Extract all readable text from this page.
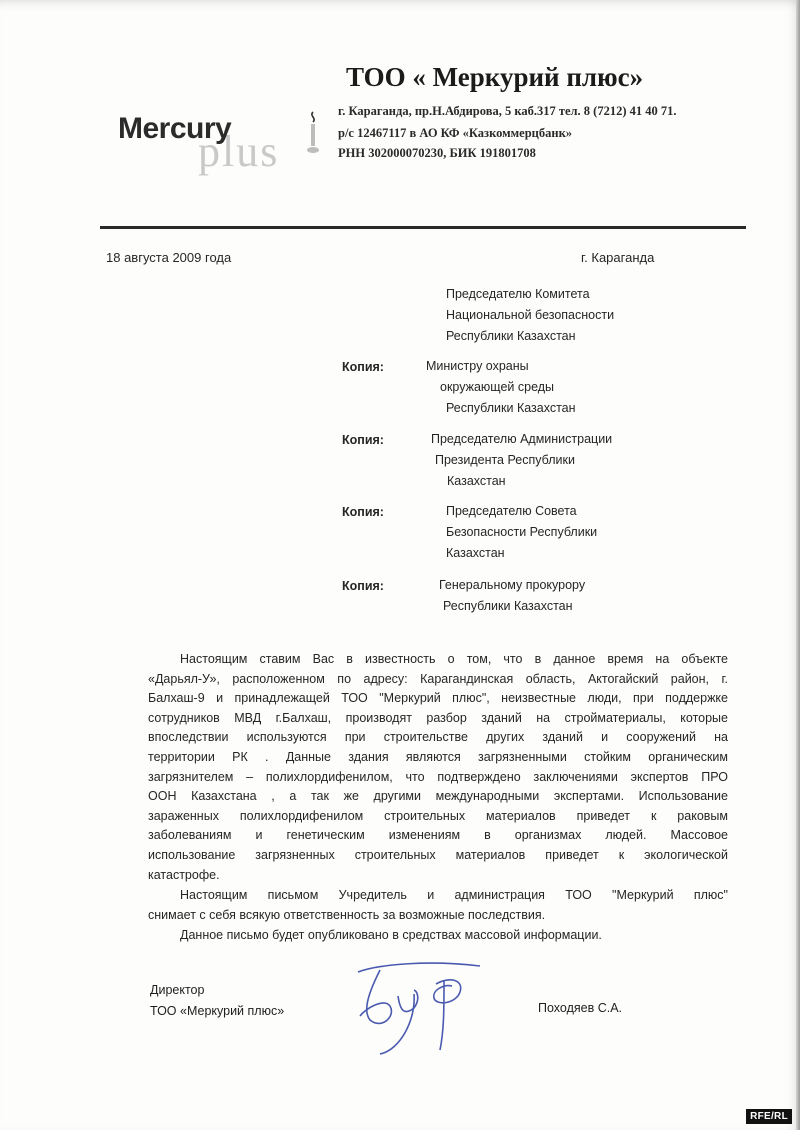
plus
Mercury
ТОО « Меркурий плюс»
г. Караганда, пр.Н.Абдирова, 5 каб.317 тел. 8 (7212) 41 40 71.
р/с 12467117 в АО КФ «Казкоммерцбанк»
РНН 302000070230, БИК 191801708
18 августа 2009 года	г. Караганда
Председателю Комитета
Национальной безопасности
Республики Казахстан
Копия:	Министру охраны
окружающей среды
Республики Казахстан
Копия:	Председателю Администрации
Президента Республики
Казахстан
Копия:	Председателю Совета
Безопасности Республики
Казахстан
Копия:	Генеральному прокурору
Республики Казахстан
Настоящим ставим Вас в известность о том, что в данное время на объекте
«Дарьял-У», расположенном по адресу: Карагандинская область, Актогайский район, г.
Балхаш-9 и принадлежащей ТОО "Меркурий плюс", неизвестные люди, при поддержке
сотрудников МВД г.Балхаш, производят разбор зданий на стройматериалы, которые
впоследствии используются при строительстве других зданий и сооружений на
территории РК . Данные здания являются загрязненными стойким органическим
загрязнителем – полихлордифенилом, что подтверждено заключениями экспертов ПРО
ООН Казахстана , а так же другими международными экспертами. Использование
зараженных полихлордифенилом строительных материалов приведет к раковым
заболеваниям и генетическим изменениям в организмах людей. Массовое
использование загрязненных строительных материалов приведет к экологической
катастрофе.
Настоящим письмом Учредитель и администрация ТОО "Меркурий плюс"
снимает с себя всякую ответственность за возможные последствия.
Данное письмо будет опубликовано в средствах массовой информации.
Директор
ТОО «Меркурий плюс»	Походяев С.А.
RFE/RL
